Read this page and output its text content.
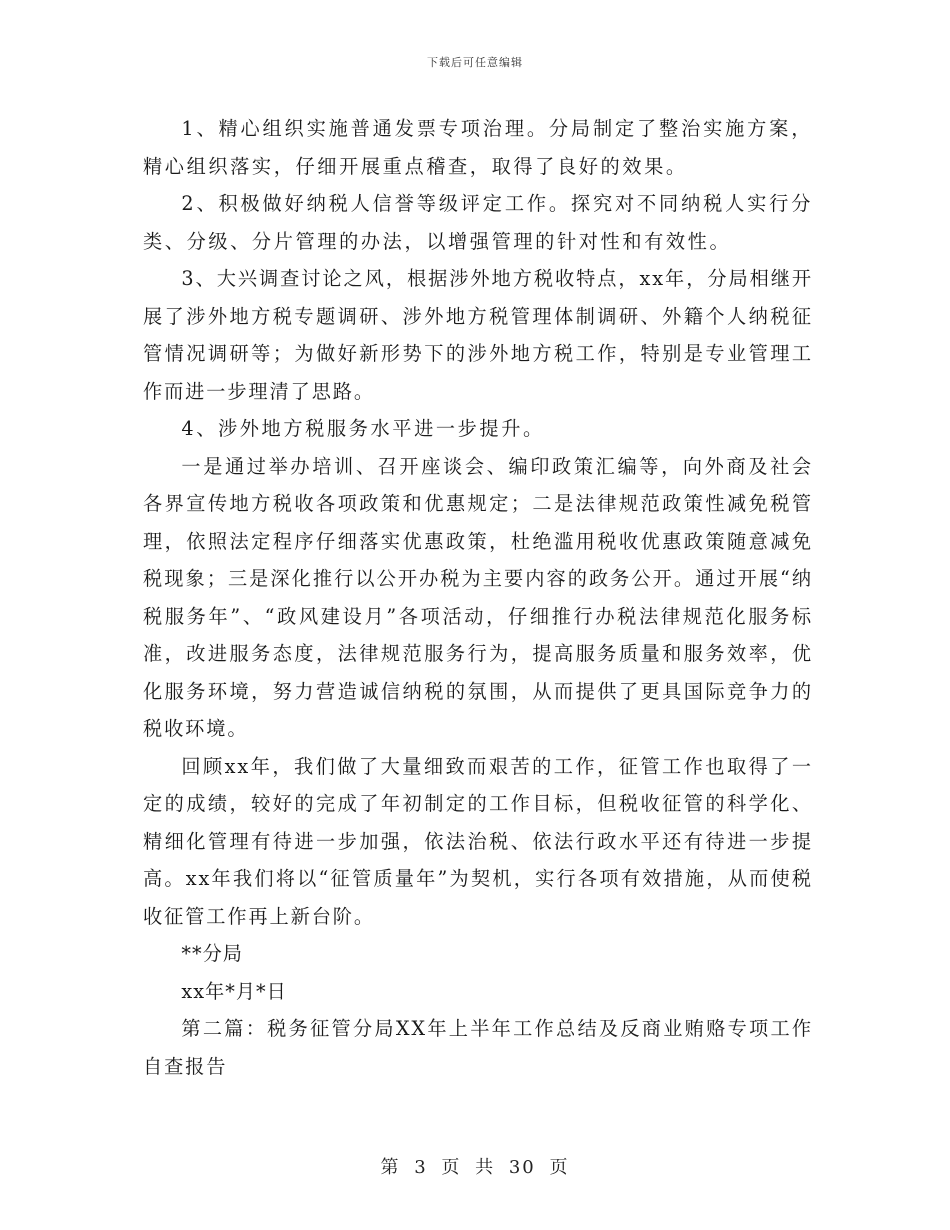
下载后可任意编辑

1、精心组织实施普通发票专项治理。分局制定了整治实施方案，精心组织落实，仔细开展重点稽查，取得了良好的效果。

2、积极做好纳税人信誉等级评定工作。探究对不同纳税人实行分类、分级、分片管理的办法，以增强管理的针对性和有效性。

3、大兴调查讨论之风，根据涉外地方税收特点，xx年，分局相继开展了涉外地方税专题调研、涉外地方税管理体制调研、外籍个人纳税征管情况调研等；为做好新形势下的涉外地方税工作，特别是专业管理工作而进一步理清了思路。

4、涉外地方税服务水平进一步提升。

一是通过举办培训、召开座谈会、编印政策汇编等，向外商及社会各界宣传地方税收各项政策和优惠规定；二是法律规范政策性减免税管理，依照法定程序仔细落实优惠政策，杜绝滥用税收优惠政策随意减免税现象；三是深化推行以公开办税为主要内容的政务公开。通过开展“纳税服务年”、“政风建设月”各项活动，仔细推行办税法律规范化服务标准，改进服务态度，法律规范服务行为，提高服务质量和服务效率，优化服务环境，努力营造诚信纳税的氛围，从而提供了更具国际竞争力的税收环境。

回顾xx年，我们做了大量细致而艰苦的工作，征管工作也取得了一定的成绩，较好的完成了年初制定的工作目标，但税收征管的科学化、精细化管理有待进一步加强，依法治税、依法行政水平还有待进一步提高。xx年我们将以“征管质量年”为契机，实行各项有效措施，从而使税收征管工作再上新台阶。

**分局

xx年*月*日

第二篇：税务征管分局XX年上半年工作总结及反商业贿赂专项工作自查报告

第 3 页 共 30 页
